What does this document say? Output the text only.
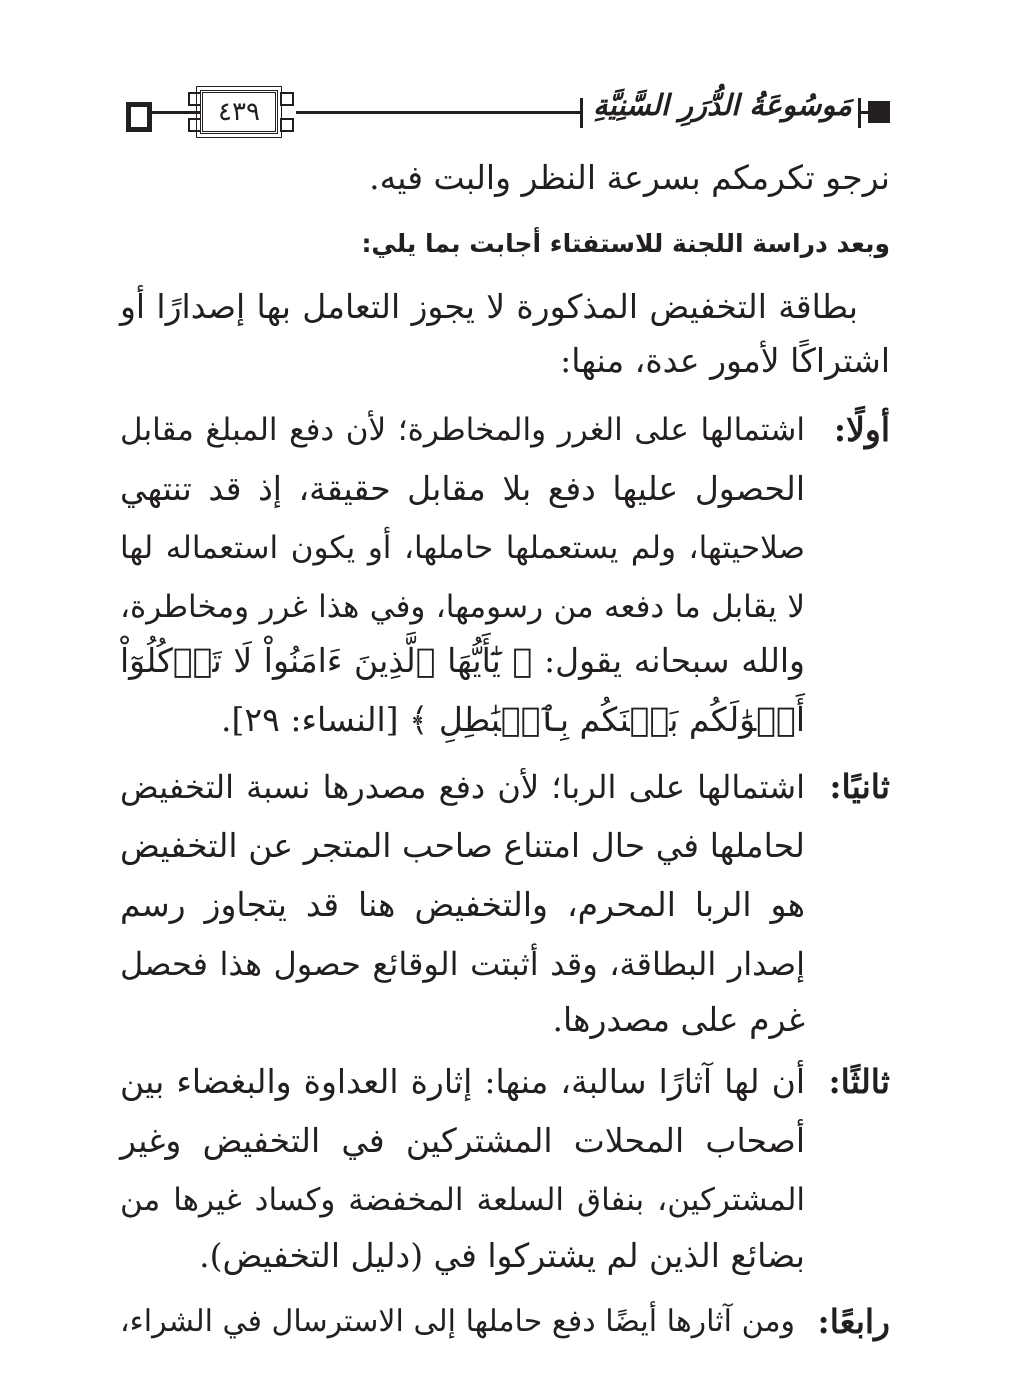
٤٣٩	مَوسُوعَةُ الدُّرَرِ السَّنِيَّةِ
نرجو تكرمكم بسرعة النظر والبت فيه.
وبعد دراسة اللجنة للاستفتاء أجابت بما يلي:
بطاقة التخفيض المذكورة لا يجوز التعامل بها إصدارًا أو
اشتراكًا لأمور عدة، منها:
أولًا:
اشتمالها على الغرر والمخاطرة؛ لأن دفع المبلغ مقابل
الحصول عليها دفع بلا مقابل حقيقة، إذ قد تنتهي
صلاحيتها، ولم يستعملها حاملها، أو يكون استعماله لها
لا يقابل ما دفعه من رسومها، وفي هذا غرر ومخاطرة،
والله سبحانه يقول: ﴿ يَٰٓأَيُّهَا ٱلَّذِينَ ءَامَنُواْ لَا تَأۡكُلُوٓاْ
أَمۡوَٰلَكُم بَيۡنَكُم بِٱلۡبَٰطِلِ ﴾ [النساء: ٢٩].
ثانيًا:
اشتمالها على الربا؛ لأن دفع مصدرها نسبة التخفيض
لحاملها في حال امتناع صاحب المتجر عن التخفيض
هو الربا المحرم، والتخفيض هنا قد يتجاوز رسم
إصدار البطاقة، وقد أثبتت الوقائع حصول هذا فحصل
غرم على مصدرها.
ثالثًا:
أن لها آثارًا سالبة، منها: إثارة العداوة والبغضاء بين
أصحاب المحلات المشتركين في التخفيض وغير
المشتركين، بنفاق السلعة المخفضة وكساد غيرها من
بضائع الذين لم يشتركوا في (دليل التخفيض).
رابعًا:
ومن آثارها أيضًا دفع حاملها إلى الاسترسال في الشراء،
